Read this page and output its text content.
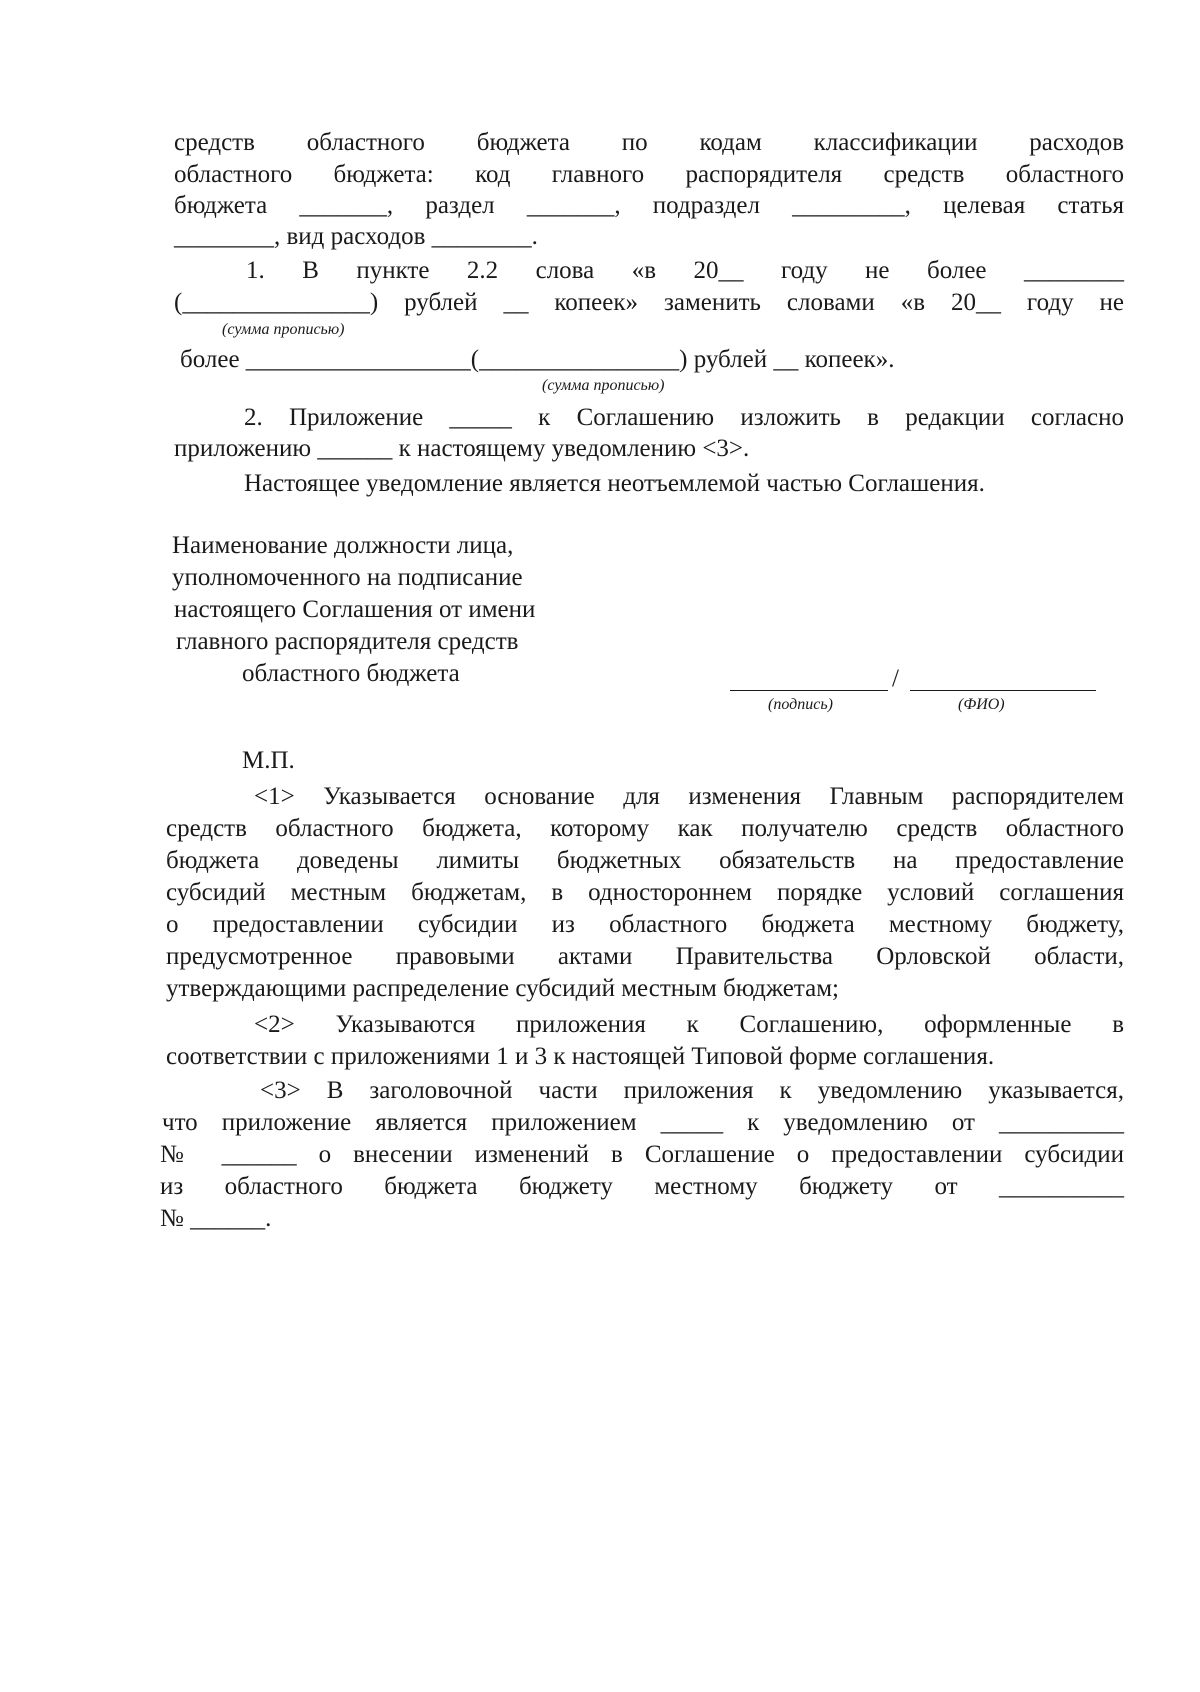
средств областного бюджета по кодам классификации расходов

областного бюджета: код главного распорядителя средств областного

бюджета _______, раздел _______, подраздел _________, целевая статья

________, вид расходов ________.

1. В пункте 2.2 слова «в 20__ году не более ________

(_______________) рублей __ копеек» заменить словами «в 20__ году не

(сумма прописью)

более __________________(________________) рублей __ копеек».

(сумма прописью)

2. Приложение _____ к Соглашению изложить в редакции согласно

приложению ______ к настоящему уведомлению <3>.

Настоящее уведомление является неотъемлемой частью Соглашения.

Наименование должности лица,

уполномоченного на подписание

настоящего Соглашения от имени

главного распорядителя средств

областного бюджета	/

(подпись)	(ФИО)

М.П.

<1> Указывается основание для изменения Главным распорядителем

средств областного бюджета, которому как получателю средств областного

бюджета доведены лимиты бюджетных обязательств на предоставление

субсидий местным бюджетам, в одностороннем порядке условий соглашения

о предоставлении субсидии из областного бюджета местному бюджету,

предусмотренное правовыми актами Правительства Орловской области,

утверждающими распределение субсидий местным бюджетам;

<2> Указываются приложения к Соглашению, оформленные в

соответствии с приложениями 1 и 3 к настоящей Типовой форме соглашения.

<3> В заголовочной части приложения к уведомлению указывается,

что приложение является приложением _____ к уведомлению от __________

№ ______ о внесении изменений в Соглашение о предоставлении субсидии

из областного бюджета бюджету местному бюджету от __________

№ ______.
